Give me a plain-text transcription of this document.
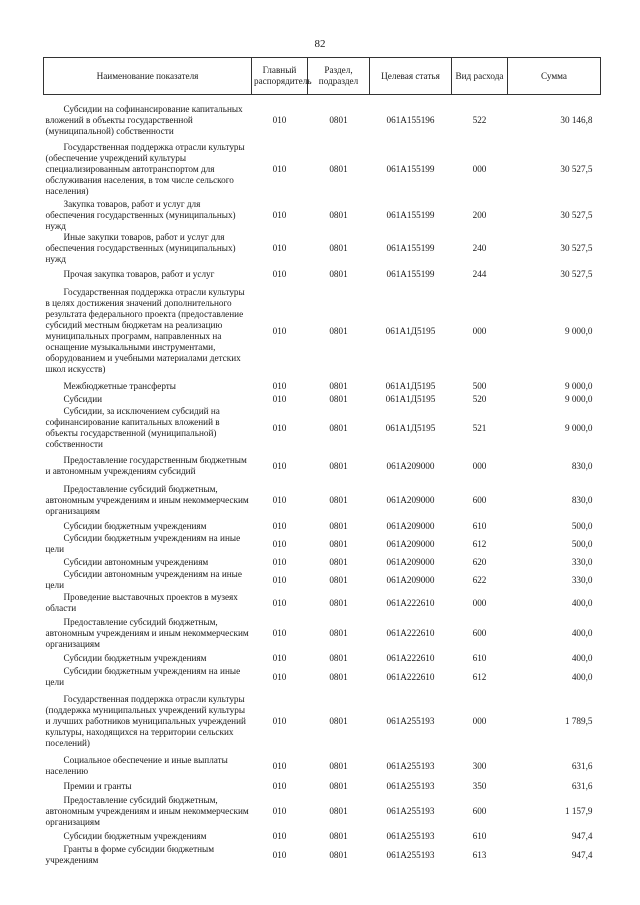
82
Наименование показателя	Главный распорядитель	Раздел, подраздел	Целевая статья	Вид расхода	Сумма

Субсидии на софинансирование капитальных вложений в объекты государственной (муниципальной) собственности	010	0801	061А155196	522	30 146,8

Государственная поддержка отрасли культуры (обеспечение учреждений культуры специализированным автотранспортом для обслуживания населения, в том числе сельского населения)	010	0801	061А155199	000	30 527,5

Закупка товаров, работ и услуг для обеспечения государственных (муниципальных) нужд	010	0801	061А155199	200	30 527,5

Иные закупки товаров, работ и услуг для обеспечения государственных (муниципальных) нужд	010	0801	061А155199	240	30 527,5

Прочая закупка товаров, работ и услуг	010	0801	061А155199	244	30 527,5

Государственная поддержка отрасли культуры в целях достижения значений дополнительного результата федерального проекта (предоставление субсидий местным бюджетам на реализацию муниципальных программ, направленных на оснащение музыкальными инструментами, оборудованием и учебными материалами детских школ искусств)	010	0801	061А1Д5195	000	9 000,0

Межбюджетные трансферты	010	0801	061А1Д5195	500	9 000,0

Субсидии	010	0801	061А1Д5195	520	9 000,0

Субсидии, за исключением субсидий на софинансирование капитальных вложений в объекты государственной (муниципальной) собственности	010	0801	061А1Д5195	521	9 000,0

Предоставление государственным бюджетным и автономным учреждениям субсидий	010	0801	061А209000	000	830,0

Предоставление субсидий бюджетным, автономным учреждениям и иным некоммерческим организациям	010	0801	061А209000	600	830,0

Субсидии бюджетным учреждениям	010	0801	061А209000	610	500,0

Субсидии бюджетным учреждениям на иные цели	010	0801	061А209000	612	500,0

Субсидии автономным учреждениям	010	0801	061А209000	620	330,0

Субсидии автономным учреждениям на иные цели	010	0801	061А209000	622	330,0

Проведение выставочных проектов в музеях области	010	0801	061А222610	000	400,0

Предоставление субсидий бюджетным, автономным учреждениям и иным некоммерческим организациям	010	0801	061А222610	600	400,0

Субсидии бюджетным учреждениям	010	0801	061А222610	610	400,0

Субсидии бюджетным учреждениям на иные цели	010	0801	061А222610	612	400,0

Государственная поддержка отрасли культуры (поддержка муниципальных учреждений культуры и лучших работников муниципальных учреждений культуры, находящихся на территории сельских поселений)	010	0801	061А255193	000	1 789,5

Социальное обеспечение и иные выплаты населению	010	0801	061А255193	300	631,6

Премии и гранты	010	0801	061А255193	350	631,6

Предоставление субсидий бюджетным, автономным учреждениям и иным некоммерческим организациям	010	0801	061А255193	600	1 157,9

Субсидии бюджетным учреждениям	010	0801	061А255193	610	947,4

Гранты в форме субсидии бюджетным учреждениям	010	0801	061А255193	613	947,4
